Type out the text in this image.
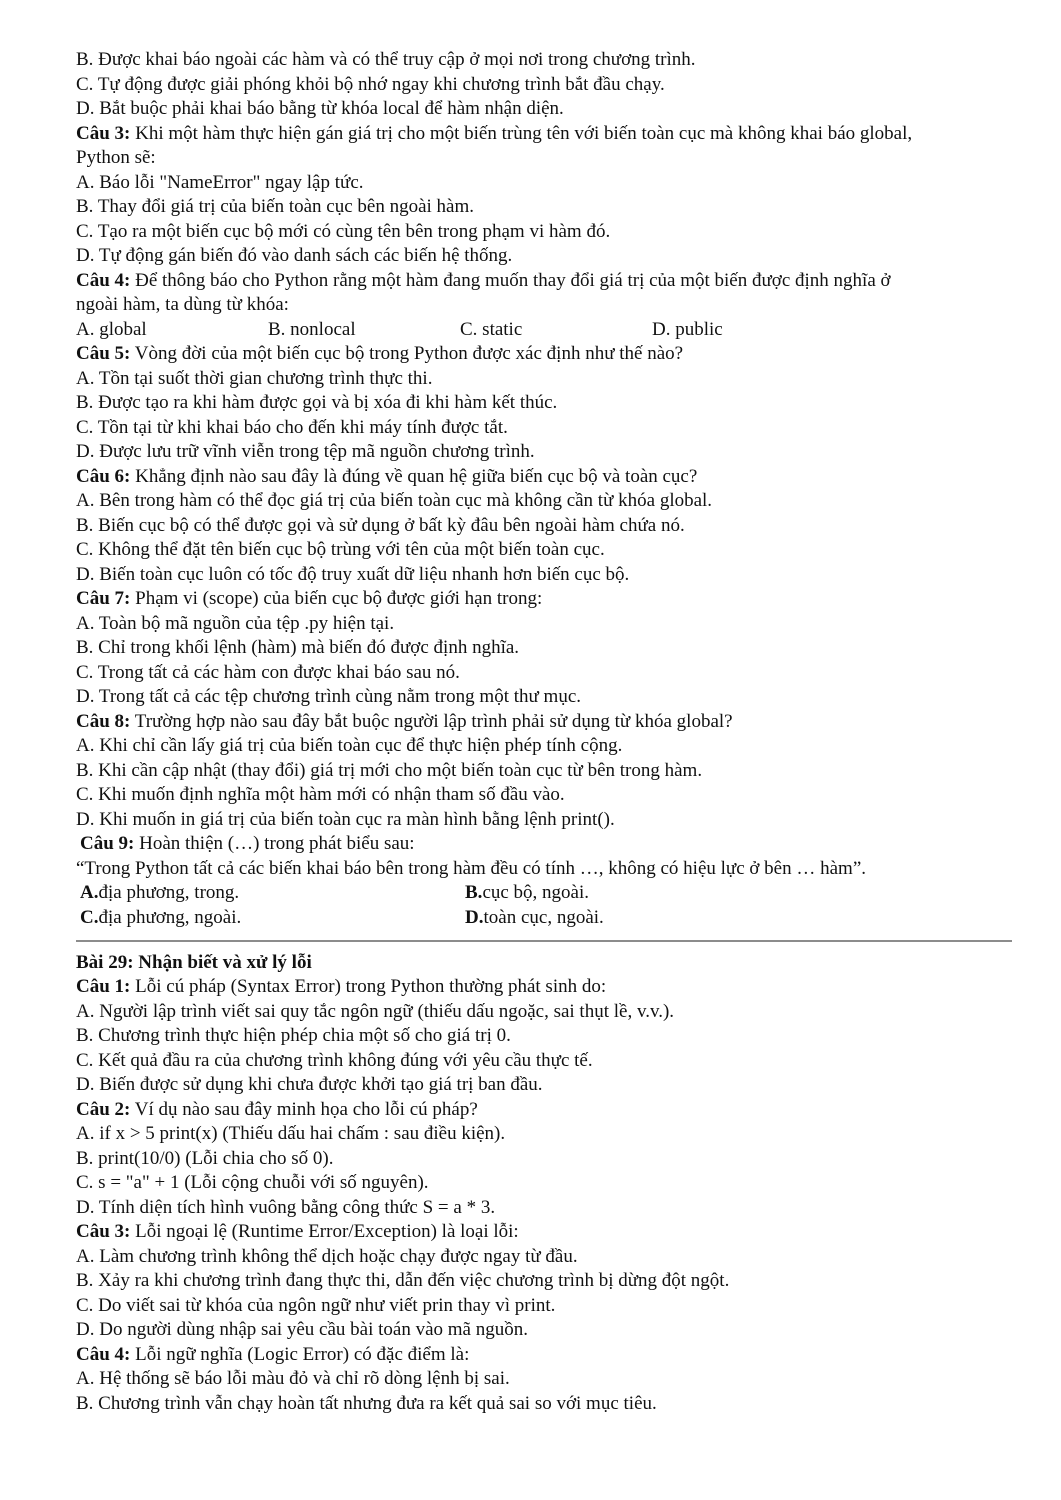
B. Được khai báo ngoài các hàm và có thể truy cập ở mọi nơi trong chương trình.
C. Tự động được giải phóng khỏi bộ nhớ ngay khi chương trình bắt đầu chạy.
D. Bắt buộc phải khai báo bằng từ khóa local để hàm nhận diện.
Câu 3: Khi một hàm thực hiện gán giá trị cho một biến trùng tên với biến toàn cục mà không khai báo global,
Python sẽ:
A. Báo lỗi "NameError" ngay lập tức.
B. Thay đổi giá trị của biến toàn cục bên ngoài hàm.
C. Tạo ra một biến cục bộ mới có cùng tên bên trong phạm vi hàm đó.
D. Tự động gán biến đó vào danh sách các biến hệ thống.
Câu 4: Để thông báo cho Python rằng một hàm đang muốn thay đổi giá trị của một biến được định nghĩa ở
ngoài hàm, ta dùng từ khóa:
A. global	B. nonlocal	C. static	D. public
Câu 5: Vòng đời của một biến cục bộ trong Python được xác định như thế nào?
A. Tồn tại suốt thời gian chương trình thực thi.
B. Được tạo ra khi hàm được gọi và bị xóa đi khi hàm kết thúc.
C. Tồn tại từ khi khai báo cho đến khi máy tính được tắt.
D. Được lưu trữ vĩnh viễn trong tệp mã nguồn chương trình.
Câu 6: Khẳng định nào sau đây là đúng về quan hệ giữa biến cục bộ và toàn cục?
A. Bên trong hàm có thể đọc giá trị của biến toàn cục mà không cần từ khóa global.
B. Biến cục bộ có thể được gọi và sử dụng ở bất kỳ đâu bên ngoài hàm chứa nó.
C. Không thể đặt tên biến cục bộ trùng với tên của một biến toàn cục.
D. Biến toàn cục luôn có tốc độ truy xuất dữ liệu nhanh hơn biến cục bộ.
Câu 7: Phạm vi (scope) của biến cục bộ được giới hạn trong:
A. Toàn bộ mã nguồn của tệp .py hiện tại.
B. Chỉ trong khối lệnh (hàm) mà biến đó được định nghĩa.
C. Trong tất cả các hàm con được khai báo sau nó.
D. Trong tất cả các tệp chương trình cùng nằm trong một thư mục.
Câu 8: Trường hợp nào sau đây bắt buộc người lập trình phải sử dụng từ khóa global?
A. Khi chỉ cần lấy giá trị của biến toàn cục để thực hiện phép tính cộng.
B. Khi cần cập nhật (thay đổi) giá trị mới cho một biến toàn cục từ bên trong hàm.
C. Khi muốn định nghĩa một hàm mới có nhận tham số đầu vào.
D. Khi muốn in giá trị của biến toàn cục ra màn hình bằng lệnh print().
Câu 9: Hoàn thiện (…) trong phát biểu sau:
“Trong Python tất cả các biến khai báo bên trong hàm đều có tính …, không có hiệu lực ở bên … hàm”.
A.địa phương, trong.	B.cục bộ, ngoài.
C.địa phương, ngoài.	D.toàn cục, ngoài.
Bài 29: Nhận biết và xử lý lỗi
Câu 1: Lỗi cú pháp (Syntax Error) trong Python thường phát sinh do:
A. Người lập trình viết sai quy tắc ngôn ngữ (thiếu dấu ngoặc, sai thụt lề, v.v.).
B. Chương trình thực hiện phép chia một số cho giá trị 0.
C. Kết quả đầu ra của chương trình không đúng với yêu cầu thực tế.
D. Biến được sử dụng khi chưa được khởi tạo giá trị ban đầu.
Câu 2: Ví dụ nào sau đây minh họa cho lỗi cú pháp?
A. if x > 5 print(x) (Thiếu dấu hai chấm : sau điều kiện).
B. print(10/0) (Lỗi chia cho số 0).
C. s = "a" + 1 (Lỗi cộng chuỗi với số nguyên).
D. Tính diện tích hình vuông bằng công thức S = a * 3.
Câu 3: Lỗi ngoại lệ (Runtime Error/Exception) là loại lỗi:
A. Làm chương trình không thể dịch hoặc chạy được ngay từ đầu.
B. Xảy ra khi chương trình đang thực thi, dẫn đến việc chương trình bị dừng đột ngột.
C. Do viết sai từ khóa của ngôn ngữ như viết prin thay vì print.
D. Do người dùng nhập sai yêu cầu bài toán vào mã nguồn.
Câu 4: Lỗi ngữ nghĩa (Logic Error) có đặc điểm là:
A. Hệ thống sẽ báo lỗi màu đỏ và chỉ rõ dòng lệnh bị sai.
B. Chương trình vẫn chạy hoàn tất nhưng đưa ra kết quả sai so với mục tiêu.
